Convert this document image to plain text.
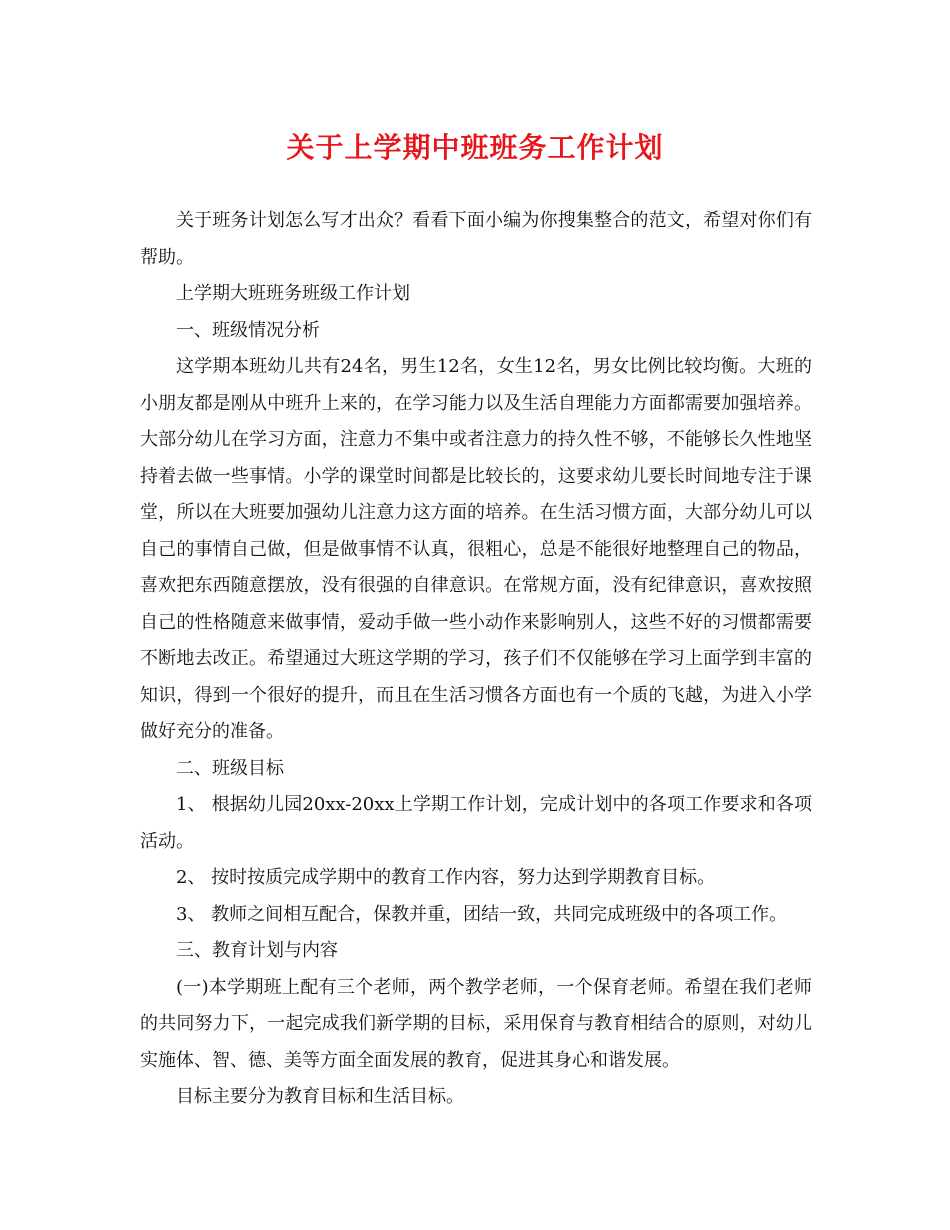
关于上学期中班班务工作计划

关于班务计划怎么写才出众？看看下面小编为你搜集整合的范文，希望对你们有帮助。

上学期大班班务班级工作计划

一、班级情况分析

这学期本班幼儿共有24名，男生12名，女生12名，男女比例比较均衡。大班的小朋友都是刚从中班升上来的，在学习能力以及生活自理能力方面都需要加强培养。大部分幼儿在学习方面，注意力不集中或者注意力的持久性不够，不能够长久性地坚持着去做一些事情。小学的课堂时间都是比较长的，这要求幼儿要长时间地专注于课堂，所以在大班要加强幼儿注意力这方面的培养。在生活习惯方面，大部分幼儿可以自己的事情自己做，但是做事情不认真，很粗心，总是不能很好地整理自己的物品，喜欢把东西随意摆放，没有很强的自律意识。在常规方面，没有纪律意识，喜欢按照自己的性格随意来做事情，爱动手做一些小动作来影响别人，这些不好的习惯都需要不断地去改正。希望通过大班这学期的学习，孩子们不仅能够在学习上面学到丰富的知识，得到一个很好的提升，而且在生活习惯各方面也有一个质的飞越，为进入小学做好充分的准备。

二、班级目标

1、 根据幼儿园20xx-20xx上学期工作计划，完成计划中的各项工作要求和各项活动。

2、 按时按质完成学期中的教育工作内容，努力达到学期教育目标。

3、 教师之间相互配合，保教并重，团结一致，共同完成班级中的各项工作。

三、教育计划与内容

(一)本学期班上配有三个老师，两个教学老师，一个保育老师。希望在我们老师的共同努力下，一起完成我们新学期的目标，采用保育与教育相结合的原则，对幼儿实施体、智、德、美等方面全面发展的教育，促进其身心和谐发展。

目标主要分为教育目标和生活目标。
